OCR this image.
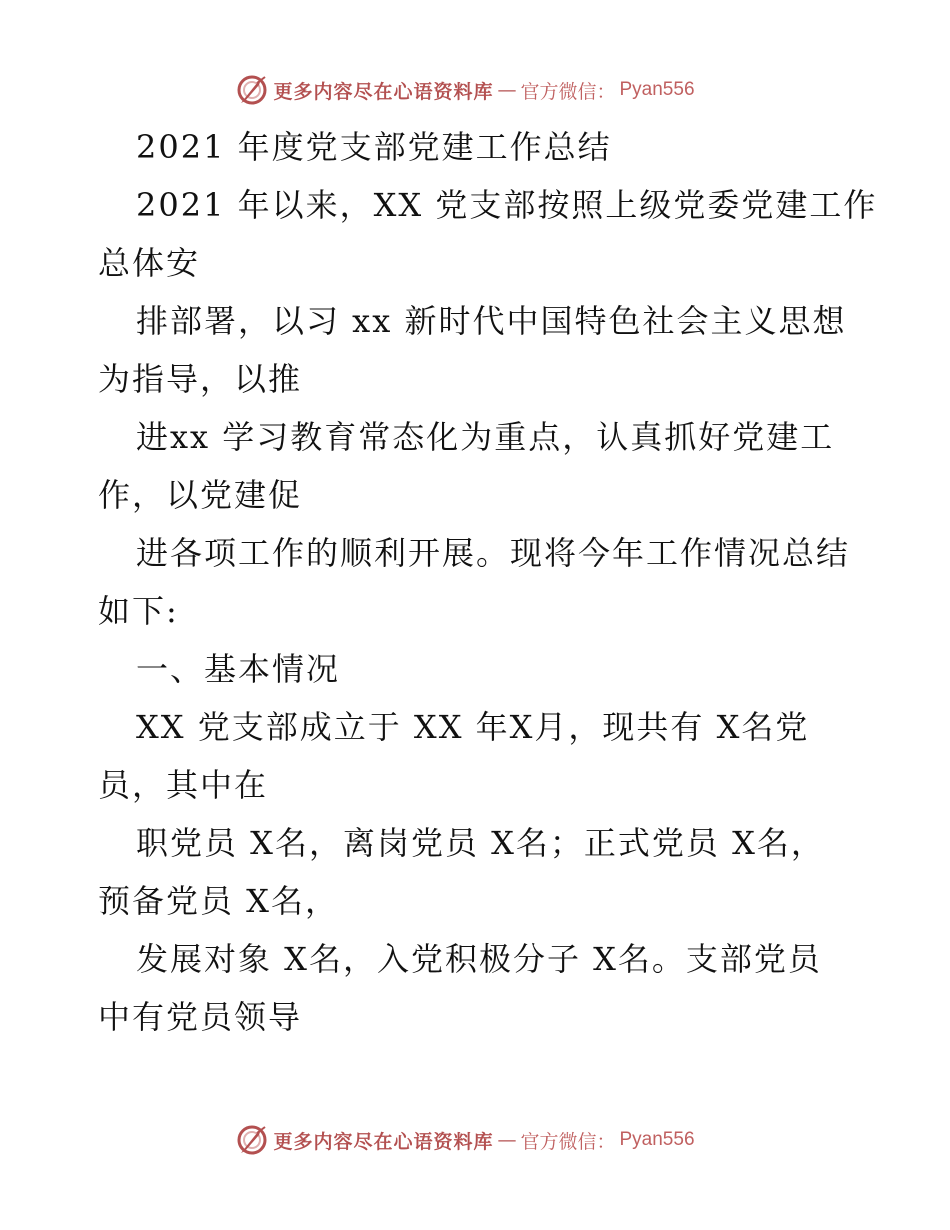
更多内容尽在心语资料库 — 官方微信： Pyan556
2021 年度党支部党建工作总结
2021 年以来，XX 党支部按照上级党委党建工作
总体安
排部署，以习 xx 新时代中国特色社会主义思想
为指导，以推
进xx 学习教育常态化为重点，认真抓好党建工
作，以党建促
进各项工作的顺利开展。现将今年工作情况总结
如下:
一、基本情况
XX 党支部成立于 XX 年X月，现共有 X名党
员，其中在
职党员 X名，离岗党员 X名；正式党员 X名，
预备党员 X名，
发展对象 X名，入党积极分子 X名。支部党员
中有党员领导
更多内容尽在心语资料库 — 官方微信： Pyan556
